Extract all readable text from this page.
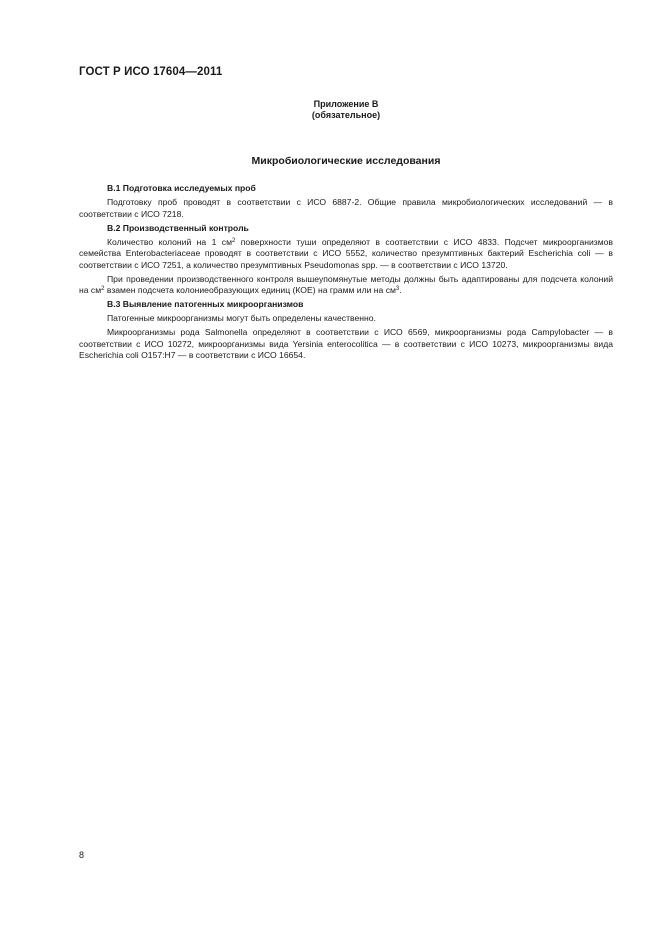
ГОСТ Р ИСО 17604—2011
Приложение В
(обязательное)
Микробиологические исследования
В.1 Подготовка исследуемых проб
Подготовку проб проводят в соответствии с ИСО 6887-2. Общие правила микробиологических исследований — в соответствии с ИСО 7218.
В.2 Производственный контроль
Количество колоний на 1 $см^2$ поверхности туши определяют в соответствии с ИСО 4833. Подсчет микроорганизмов семейства Enterobacteriaceae проводят в соответствии с ИСО 5552, количество презумптивных бактерий Escherichia coli — в соответствии с ИСО 7251, а количество презумптивных Pseudomonas spp. — в соответствии с ИСО 13720.
При проведении производственного контроля вышеупомянутые методы должны быть адаптированы для подсчета колоний на $см^2$ взамен подсчета колониеобразующих единиц (КОЕ) на грамм или на $см^3$.
В.3 Выявление патогенных микроорганизмов
Патогенные микроорганизмы могут быть определены качественно.
Микроорганизмы рода Salmonella определяют в соответствии с ИСО 6569, микроорганизмы рода Campylobacter — в соответствии с ИСО 10272, микроорганизмы вида Yersinia enterocolitica — в соответствии с ИСО 10273, микроорганизмы вида Escherichia coli O157:H7 — в соответствии с ИСО 16654.
8
